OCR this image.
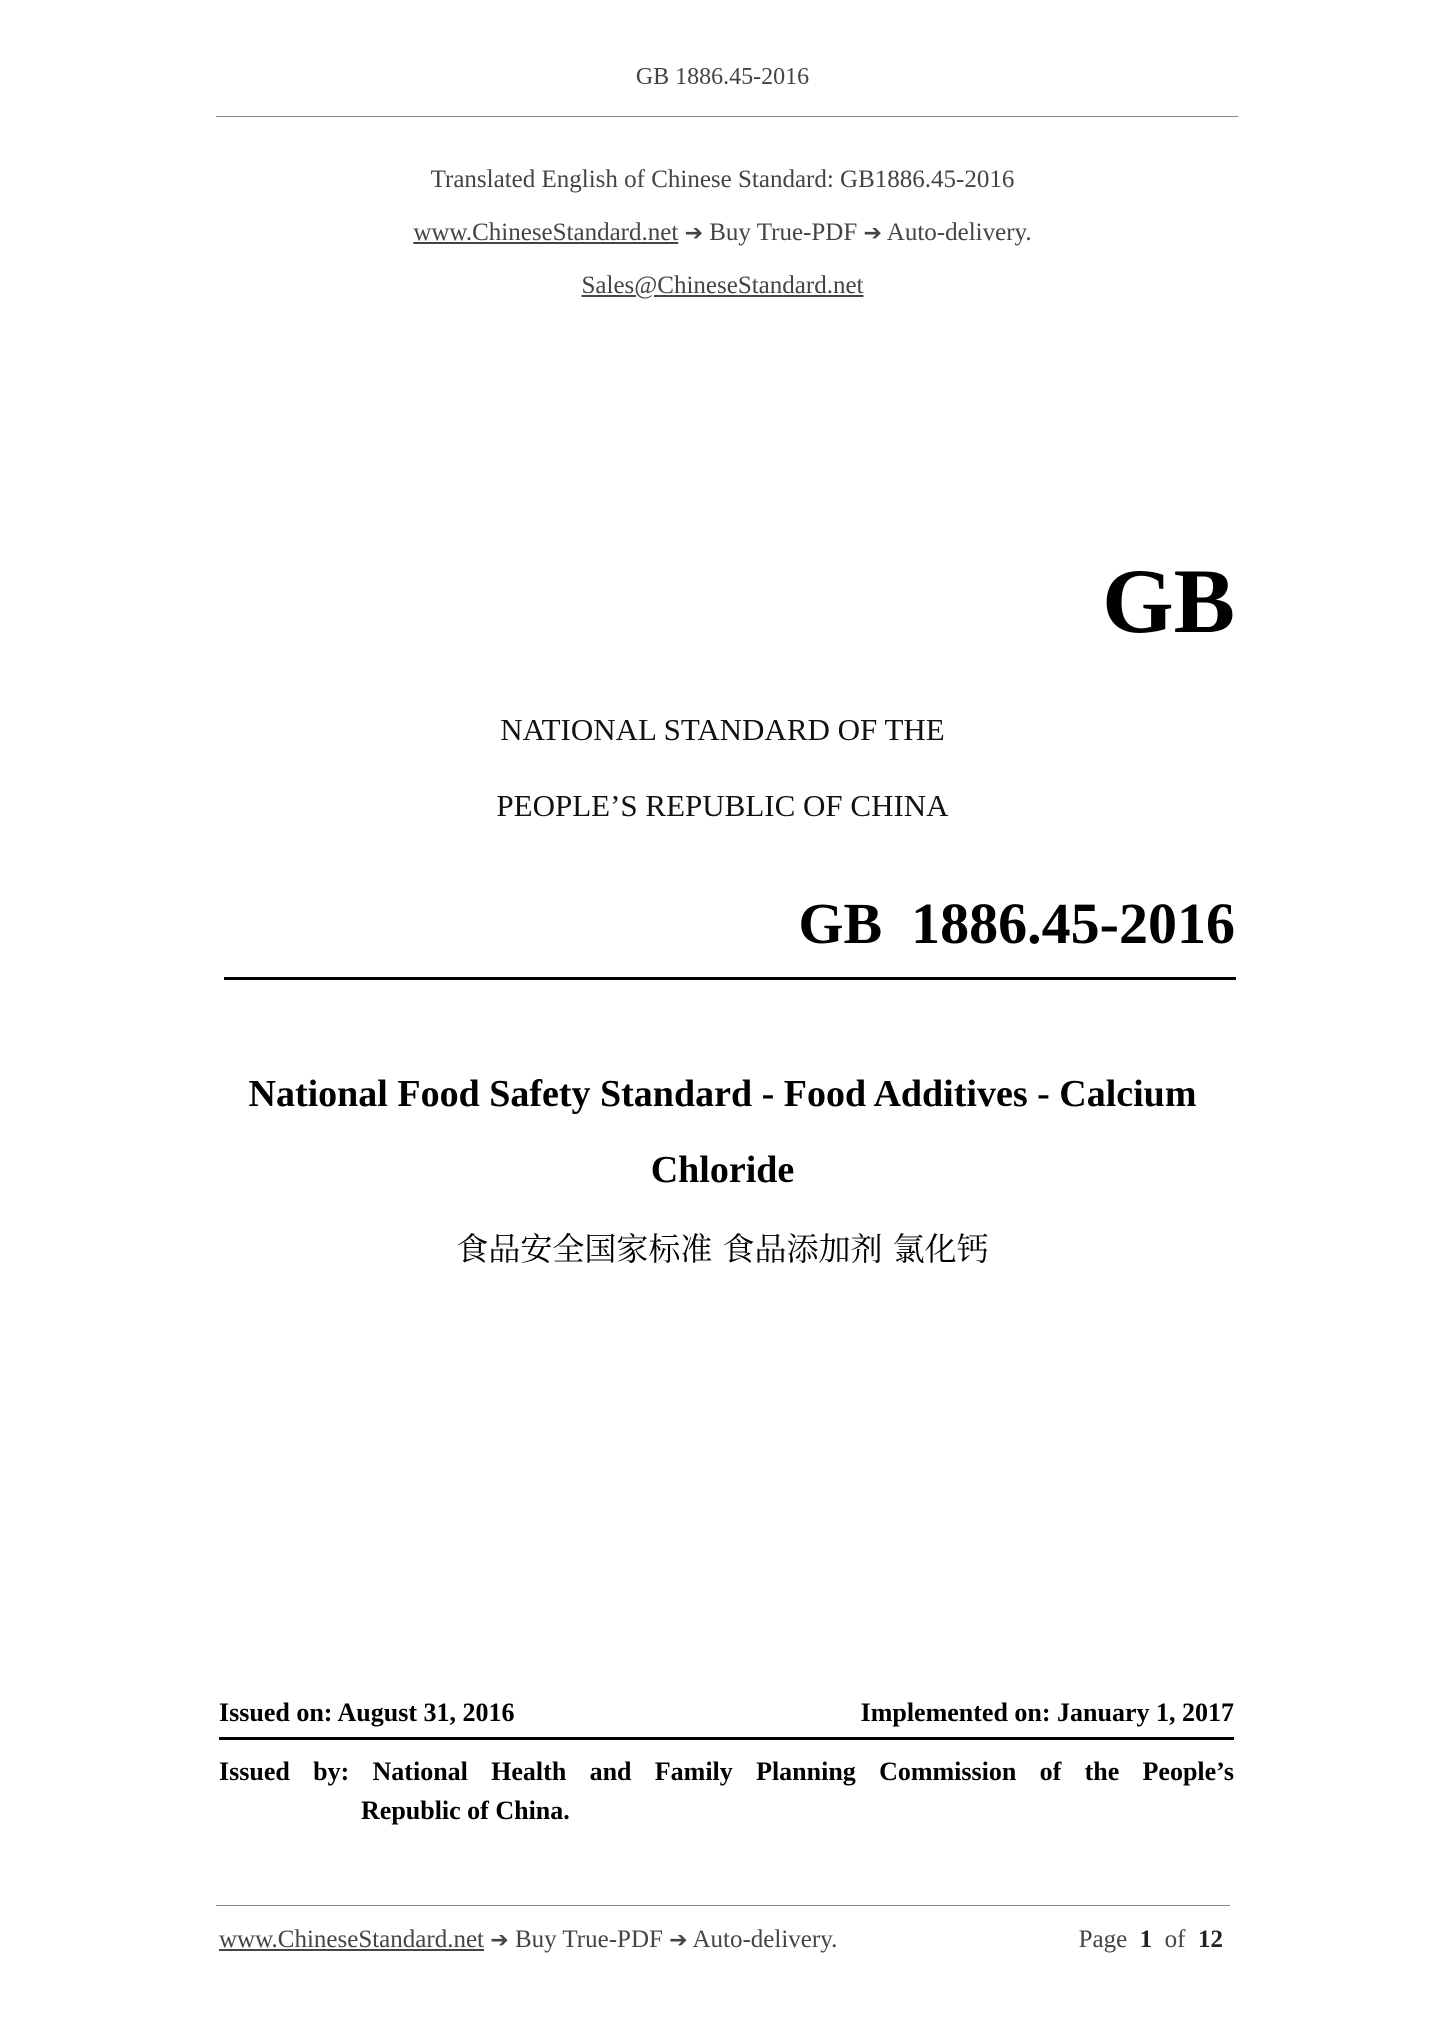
GB 1886.45-2016
Translated English of Chinese Standard: GB1886.45-2016
www.ChineseStandard.net ➔ Buy True-PDF ➔ Auto-delivery.
Sales@ChineseStandard.net
GB
NATIONAL STANDARD OF THE
PEOPLE’S REPUBLIC OF CHINA
GB 1886.45-2016
National Food Safety Standard - Food Additives - Calcium
Chloride
食品安全国家标准 食品添加剂 氯化钙
Issued on: August 31, 2016	Implemented on: January 1, 2017
Issued by: National Health and Family Planning Commission of the People’s
Republic of China.
www.ChineseStandard.net ➔ Buy True-PDF ➔ Auto-delivery.	Page 1 of 12
